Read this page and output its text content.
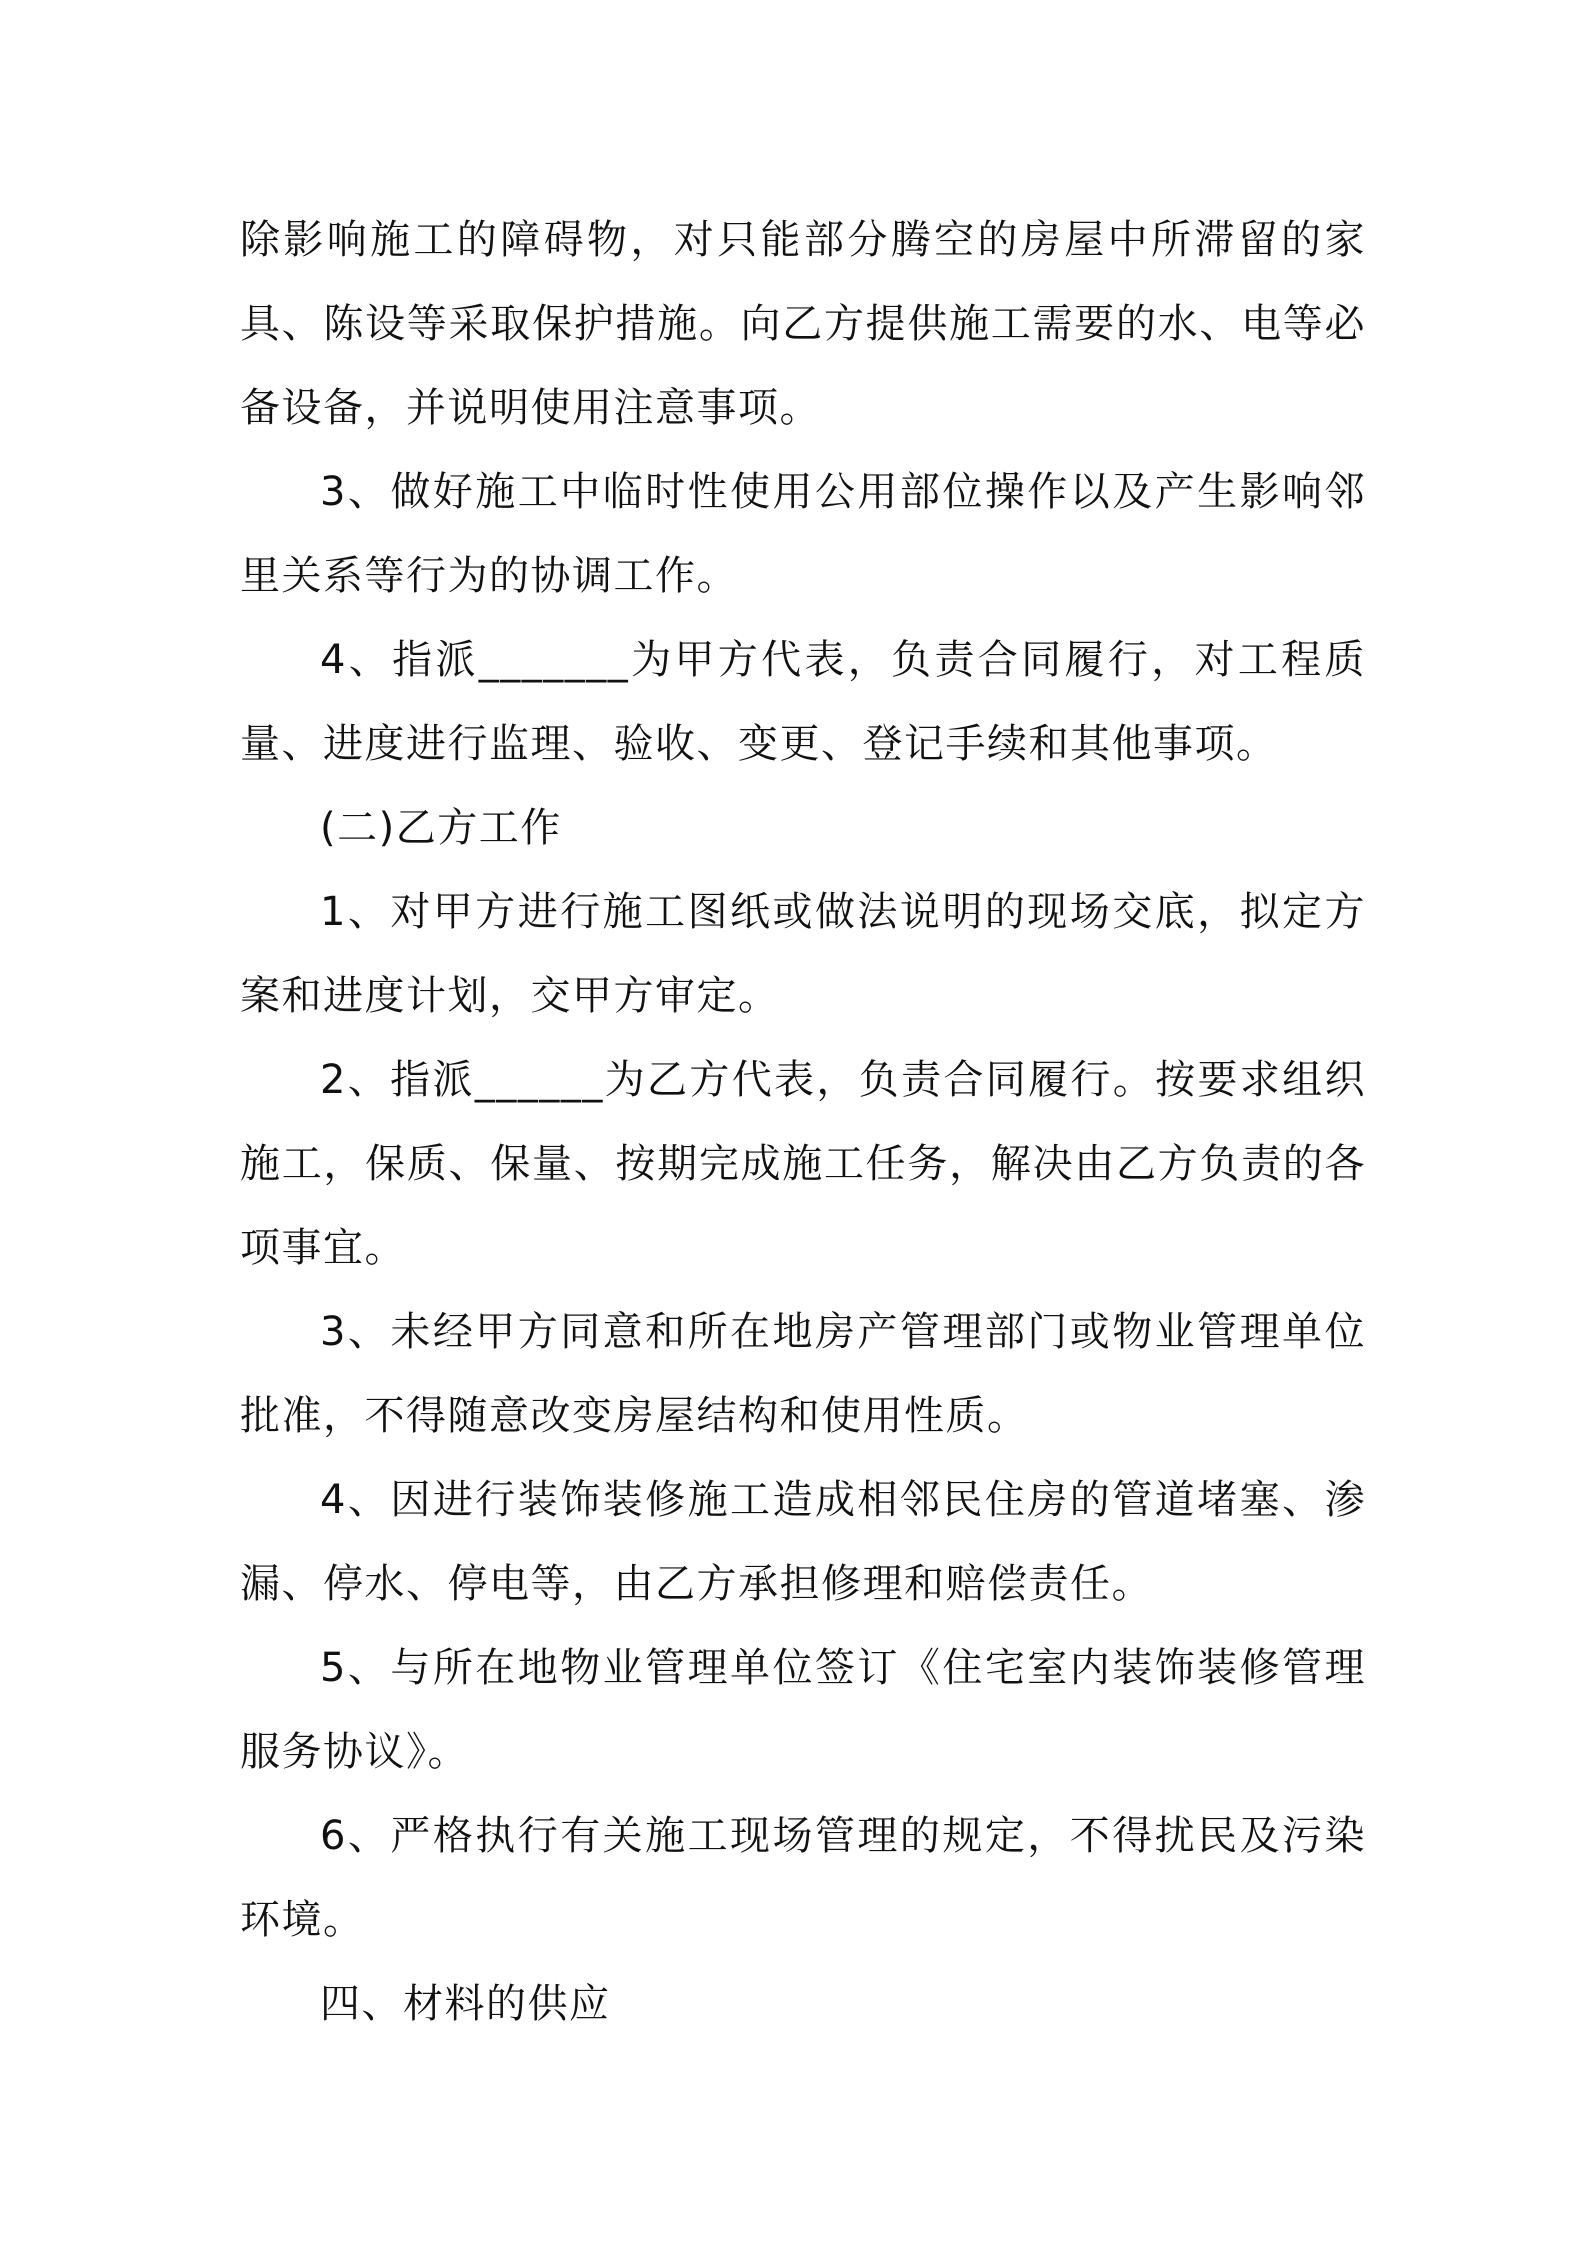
除影响施工的障碍物，对只能部分腾空的房屋中所滞留的家具、陈设等采取保护措施。向乙方提供施工需要的水、电等必备设备，并说明使用注意事项。

3、做好施工中临时性使用公用部位操作以及产生影响邻里关系等行为的协调工作。

4、指派_______为甲方代表，负责合同履行，对工程质量、进度进行监理、验收、变更、登记手续和其他事项。

(二)乙方工作

1、对甲方进行施工图纸或做法说明的现场交底，拟定方案和进度计划，交甲方审定。

2、指派______为乙方代表，负责合同履行。按要求组织施工，保质、保量、按期完成施工任务，解决由乙方负责的各项事宜。

3、未经甲方同意和所在地房产管理部门或物业管理单位批准，不得随意改变房屋结构和使用性质。

4、因进行装饰装修施工造成相邻民住房的管道堵塞、渗漏、停水、停电等，由乙方承担修理和赔偿责任。

5、与所在地物业管理单位签订《住宅室内装饰装修管理服务协议》。

6、严格执行有关施工现场管理的规定，不得扰民及污染环境。

四、材料的供应
